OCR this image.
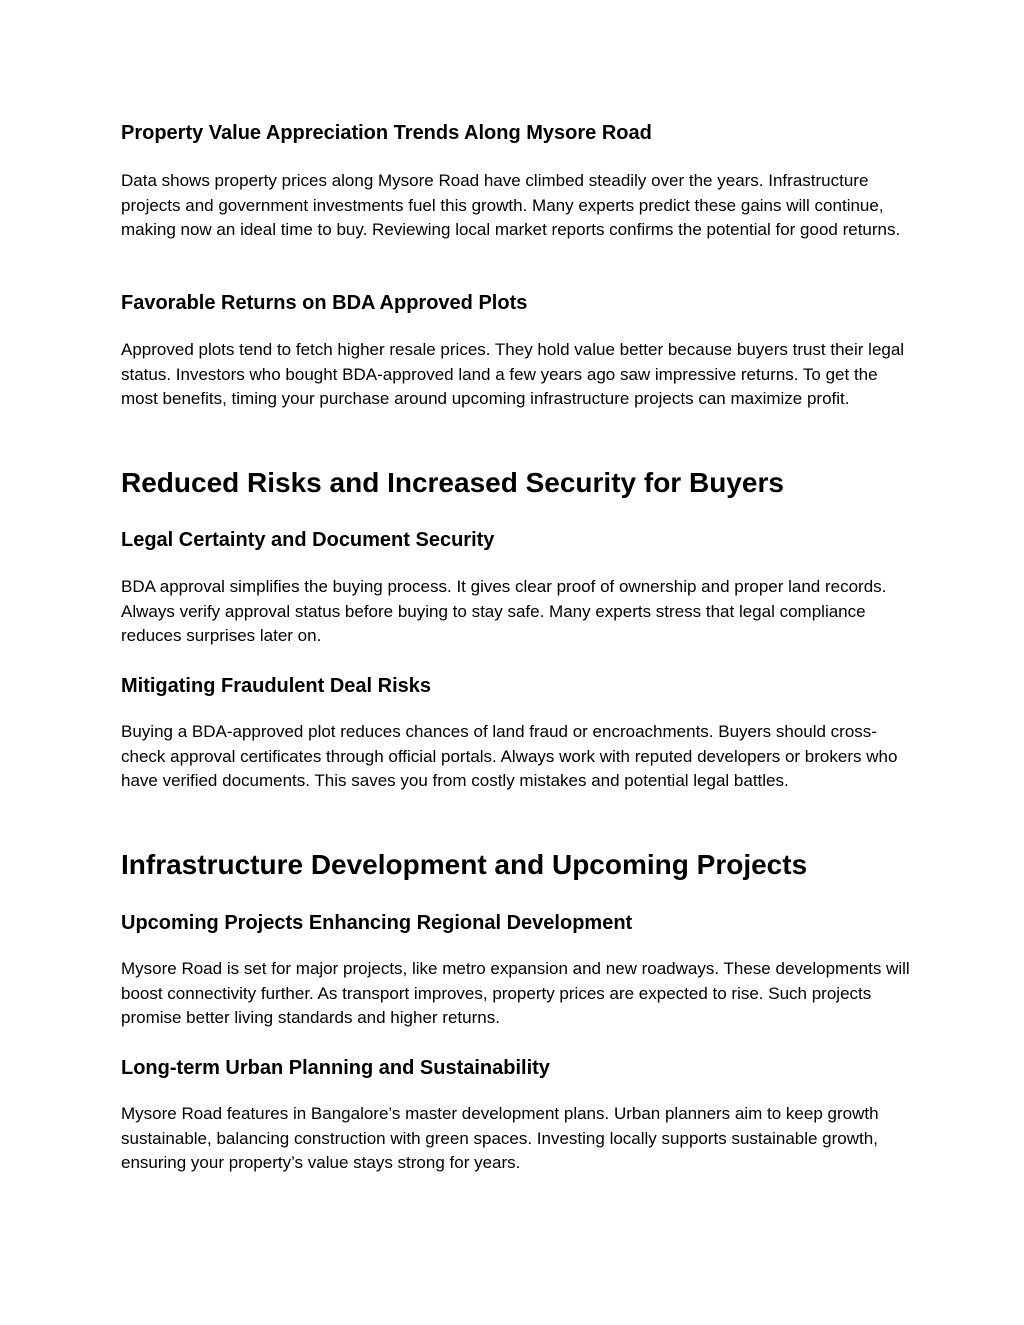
Property Value Appreciation Trends Along Mysore Road

Data shows property prices along Mysore Road have climbed steadily over the years. Infrastructure projects and government investments fuel this growth. Many experts predict these gains will continue, making now an ideal time to buy. Reviewing local market reports confirms the potential for good returns.

Favorable Returns on BDA Approved Plots

Approved plots tend to fetch higher resale prices. They hold value better because buyers trust their legal status. Investors who bought BDA-approved land a few years ago saw impressive returns. To get the most benefits, timing your purchase around upcoming infrastructure projects can maximize profit.

Reduced Risks and Increased Security for Buyers
Legal Certainty and Document Security

BDA approval simplifies the buying process. It gives clear proof of ownership and proper land records. Always verify approval status before buying to stay safe. Many experts stress that legal compliance reduces surprises later on.

Mitigating Fraudulent Deal Risks

Buying a BDA-approved plot reduces chances of land fraud or encroachments. Buyers should cross-check approval certificates through official portals. Always work with reputed developers or brokers who have verified documents. This saves you from costly mistakes and potential legal battles.

Infrastructure Development and Upcoming Projects
Upcoming Projects Enhancing Regional Development

Mysore Road is set for major projects, like metro expansion and new roadways. These developments will boost connectivity further. As transport improves, property prices are expected to rise. Such projects promise better living standards and higher returns.

Long-term Urban Planning and Sustainability

Mysore Road features in Bangalore’s master development plans. Urban planners aim to keep growth sustainable, balancing construction with green spaces. Investing locally supports sustainable growth, ensuring your property’s value stays strong for years.
